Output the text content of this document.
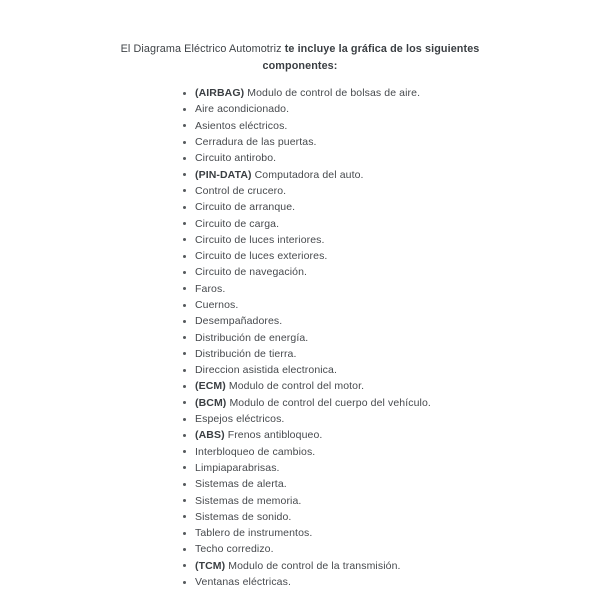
El Diagrama Eléctrico Automotriz te incluye la gráfica de los siguientes
componentes:
(AIRBAG) Modulo de control de bolsas de aire.
Aire acondicionado.
Asientos eléctricos.
Cerradura de las puertas.
Circuito antirobo.
(PIN-DATA) Computadora del auto.
Control de crucero.
Circuito de arranque.
Circuito de carga.
Circuito de luces interiores.
Circuito de luces exteriores.
Circuito de navegación.
Faros.
Cuernos.
Desempañadores.
Distribución de energía.
Distribución de tierra.
Direccion asistida electronica.
(ECM) Modulo de control del motor.
(BCM) Modulo de control del cuerpo del vehículo.
Espejos eléctricos.
(ABS) Frenos antibloqueo.
Interbloqueo de cambios.
Limpiaparabrisas.
Sistemas de alerta.
Sistemas de memoria.
Sistemas de sonido.
Tablero de instrumentos.
Techo corredizo.
(TCM) Modulo de control de la transmisión.
Ventanas eléctricas.
